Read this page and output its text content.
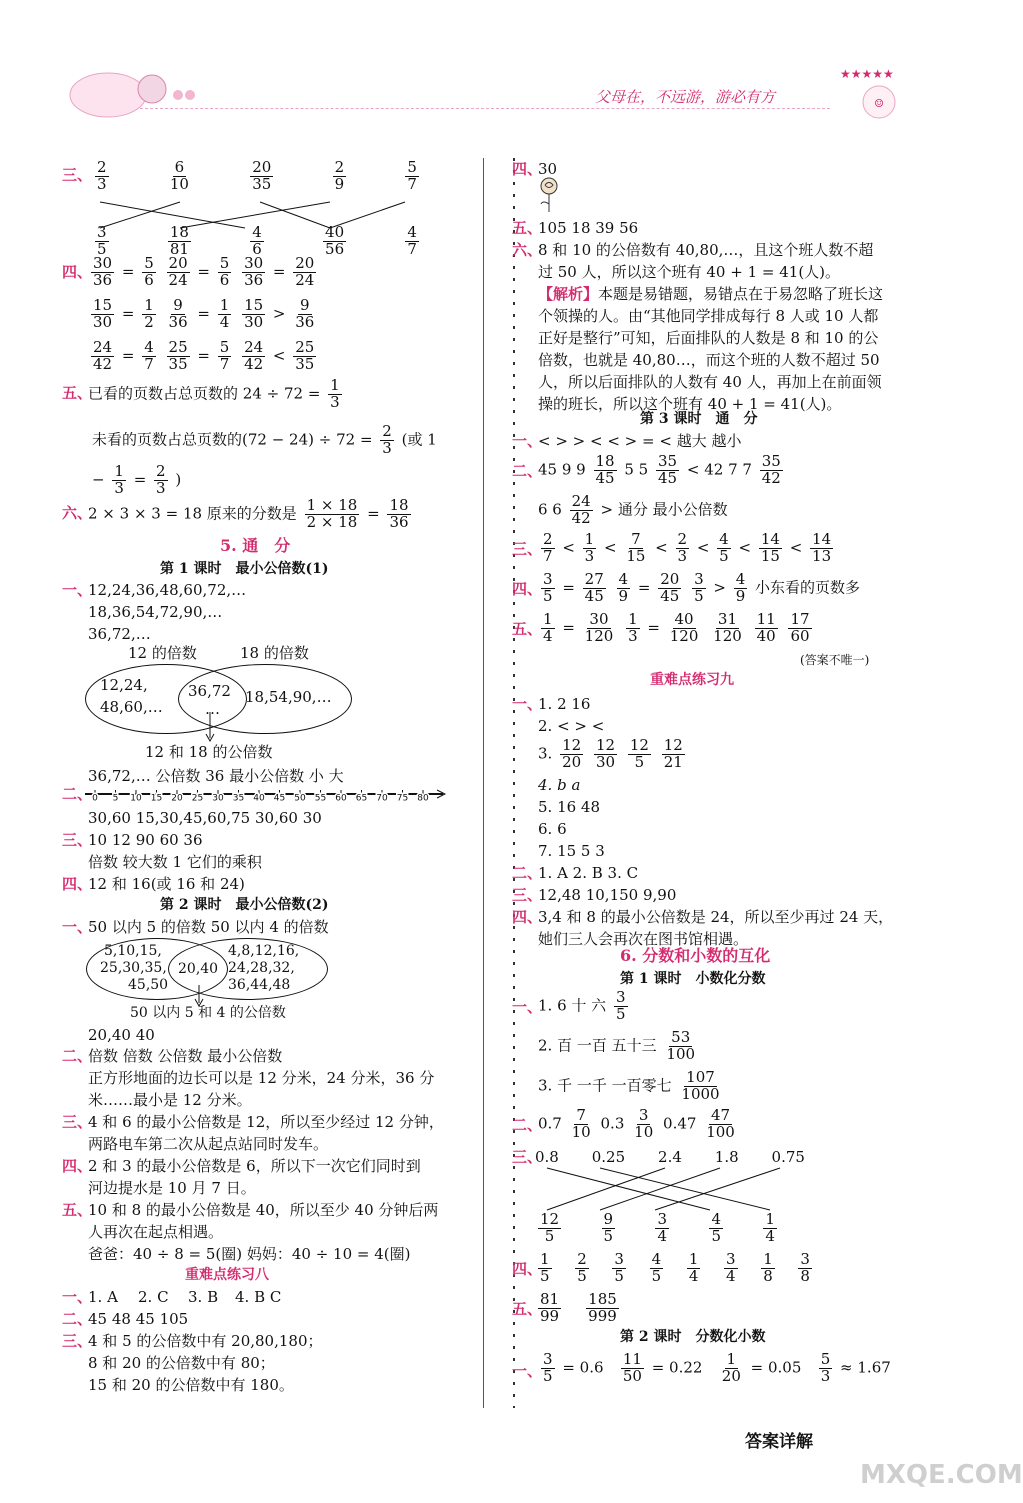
父母在，不远游，游必有方
★★★★★
☺
三、 2
3
6
10
20
35
2
9
5
7
3
5
18
81
4
6
40
56
4
7
四、
$\frac{30}{36} = \frac{5}{6}$
$\frac{20}{24} = \frac{5}{6}$
$\frac{30}{36} = \frac{20}{24}$
$\frac{15}{30} = \frac{1}{2}$
$\frac{9}{36} = \frac{1}{4}$
$\frac{15}{30} > \frac{9}{36}$
$\frac{24}{42} = \frac{4}{7}$
$\frac{25}{35} = \frac{5}{7}$
$\frac{24}{42} < \frac{25}{35}$
五、
已看的页数占总页数的 $24 \div 72 = \frac{1}{3}$
未看的页数占总页数的$(72 - 24) \div 72 = \frac{2}{3}$ (或 1
− $\frac{1}{3} = \frac{2}{3}$ )
六、
2 × 3 × 3 = 18 原来的分数是 $\frac{1 \times 18}{2 \times 18} = \frac{18}{36}$
5. 通　分
第 1 课时　最小公倍数(1)
一、
12,24,36,48,60,72,…
18,36,54,72,90,…
36,72,…
12 的倍数	18 的倍数
12,24,
48,60,…
36,72
…
18,54,90,…
12 和 18 的公倍数
36,72,… 公倍数 36 最小公倍数 小 大
二、 0 5 10 15 20 25 30 35 40 45 50 55 60 65 70 75 80
30,60 15,30,45,60,75 30,60 30
三、
10 12 90 60 36
倍数 较大数 1 它们的乘积
四、
12 和 16(或 16 和 24)
第 2 课时　最小公倍数(2)
一、
50 以内 5 的倍数 50 以内 4 的倍数
5,10,15,
25,30,35,
45,50
20,40
4,8,12,16,
24,28,32,
36,44,48
50 以内 5 和 4 的公倍数
20,40 40
二、
倍数 倍数 公倍数 最小公倍数
正方形地面的边长可以是 12 分米，24 分米，36 分
米……最小是 12 分米。
三、
4 和 6 的最小公倍数是 12，所以至少经过 12 分钟，
两路电车第二次从起点站同时发车。
四、
2 和 3 的最小公倍数是 6，所以下一次它们同时到
河边提水是 10 月 7 日。
五、
10 和 8 的最小公倍数是 40，所以至少 40 分钟后两
人再次在起点相遇。
爸爸：40 ÷ 8 = 5(圈) 妈妈：40 ÷ 10 = 4(圈)
重难点练习八
一、
1. A 2. C 3. B 4. B C
二、
45 48 45 105
三、
4 和 5 的公倍数中有 20,80,180；
8 和 20 的公倍数中有 80；
15 和 20 的公倍数中有 180。
四、
30
五、
105 18 39 56
六、
8 和 10 的公倍数有 40,80,…，且这个班人数不超
过 50 人，所以这个班有 40 + 1 = 41(人)。
【解析】本题是易错题，易错点在于易忽略了班长这
个领操的人。由“其他同学排成每行 8 人或 10 人都
正好是整行”可知，后面排队的人数是 8 和 10 的公
倍数，也就是 40,80…，而这个班的人数不超过 50
人，所以后面排队的人数有 40 人，再加上在前面领
操的班长，所以这个班有 40 + 1 = 41(人)。
第 3 课时　通　分
一、
< > > < < > = < 越大 越小
二、
45 9 $9 \frac{18}{45} 5$ $5 \frac{35}{45} < 42$ 7 $7 \frac{35}{42}$
6 $6 \frac{24}{42}$ > 通分 最小公倍数
三、
$\frac{2}{7} < \frac{1}{3} < \frac{7}{15} < \frac{2}{3} < \frac{4}{5} < \frac{14}{15} < \frac{14}{13}$
四、
$\frac{3}{5} = \frac{27}{45}$
$\frac{4}{9} = \frac{20}{45}$
$\frac{3}{5} > \frac{4}{9}$ 小东看的页数多
五、
$\frac{1}{4} = \frac{30}{120}$
$\frac{1}{3} = \frac{40}{120}$
$\frac{31}{120}$
$\frac{11}{40}$
$\frac{17}{60}$
(答案不唯一)
重难点练习九
一、
1. 2 16
2. < > <
3. $\frac{12}{20}$
$\frac{12}{30}$
$\frac{12}{5}$
$\frac{12}{21}$
4. b a
5. 16 48
6. 6
7. 15 5 3
二、
1. A 2. B 3. C
三、
12,48 10,150 9,90
四、
3,4 和 8 的最小公倍数是 24，所以至少再过 24 天，
她们三人会再次在图书馆相遇。
6. 分数和小数的互化
第 1 课时　小数化分数
一、
1. 6 十 六 $\frac{3}{5}$
2. 百 一百 五十三 $\frac{53}{100}$
3. 千 一千 一百零七 $\frac{107}{1000}$
二、
$0.7 \frac{7}{10} 0.3 \frac{3}{10} 0.47 \frac{47}{100}$
三、
0.8 0.25 2.4 1.8 0.75
12
5
9
5
3
4
4
5
1
4
四、
1
5
2
5
3
5
4
5
1
4
3
4
1
8
3
8
五、
$\frac{81}{99}$
$\frac{185}{999}$
第 2 课时　分数化小数
一、
$\frac{3}{5} = 0.6 \frac{11}{50} = 0.22 \frac{1}{20} = 0.05 \frac{5}{3} \approx 1.67$
答案详解
MXQE.COM
